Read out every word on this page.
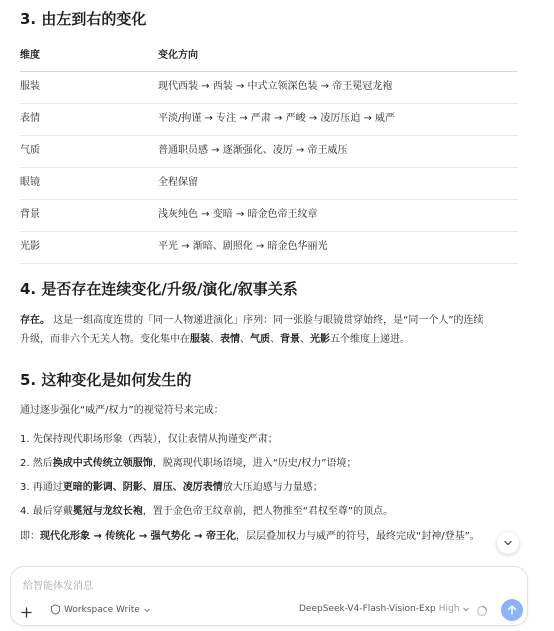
3. 由左到右的变化
维度	变化方向
服装	现代西装 → 西装 → 中式立领深色装 → 帝王冕冠龙袍
表情	平淡/拘谨 → 专注 → 严肃 → 严峻 → 凌厉压迫 → 威严
气质	普通职员感 → 逐渐强化、凌厉 → 帝王威压
眼镜	全程保留
背景	浅灰纯色 → 变暗 → 暗金色帝王纹章
光影	平光 → 渐暗、剧照化 → 暗金色华丽光
4. 是否存在连续变化/升级/演化/叙事关系

存在。 这是一组高度连贯的「同一人物递进演化」序列：同一张脸与眼镜贯穿始终，是“同一个人”的连续
升级，而非六个无关人物。变化集中在服装、表情、气质、背景、光影五个维度上递进。

5. 这种变化是如何发生的

通过逐步强化“威严/权力”的视觉符号来完成：

1. 先保持现代职场形象（西装），仅让表情从拘谨变严肃；
2. 然后换成中式传统立领服饰，脱离现代职场语境，进入“历史/权力”语境；
3. 再通过更暗的影调、阴影、眉压、凌厉表情放大压迫感与力量感；
4. 最后穿戴冕冠与龙纹长袍，置于金色帝王纹章前，把人物推至“君权至尊”的顶点。

即：现代化形象 → 传统化 → 强气势化 → 帝王化，层层叠加权力与威严的符号，最终完成“封神/登基”。

给智能体发消息
Workspace Write	DeepSeek-V4-Flash-Vision-Exp High
